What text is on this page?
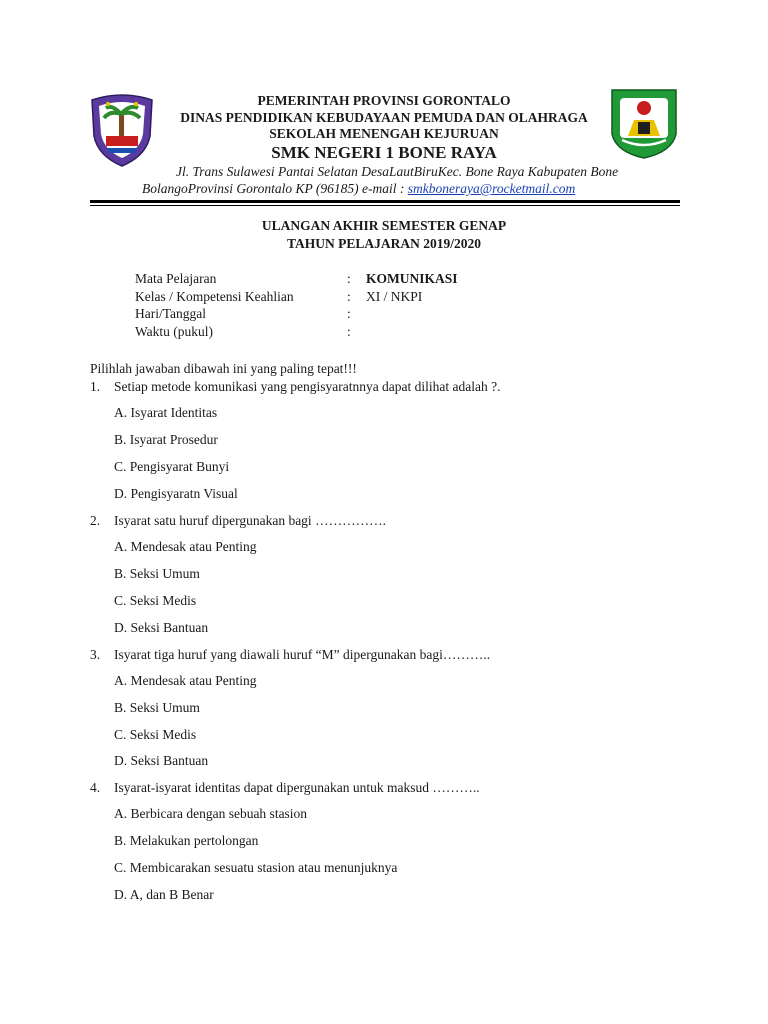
PEMERINTAH PROVINSI GORONTALO
DINAS PENDIDIKAN KEBUDAYAAN PEMUDA DAN OLAHRAGA
SEKOLAH MENENGAH KEJURUAN
SMK NEGERI 1 BONE RAYA
Jl. Trans Sulawesi Pantai Selatan DesaLautBiruKec. Bone Raya Kabupaten Bone
BolangoProvinsi Gorontalo KP (96185) e-mail : smkboneraya@rocketmail.com
ULANGAN AKHIR SEMESTER GENAP
TAHUN PELAJARAN 2019/2020
Mata Pelajaran	: KOMUNIKASI
Kelas / Kompetensi Keahlian	: XI / NKPI
Hari/Tanggal	:
Waktu (pukul)	:
Pilihlah jawaban dibawah ini yang paling tepat!!!
1. Setiap metode komunikasi yang pengisyaratnnya dapat dilihat adalah ?.
A. Isyarat Identitas
B. Isyarat Prosedur
C. Pengisyarat Bunyi
D. Pengisyaratn Visual
2. Isyarat satu huruf dipergunakan bagi …………….
A. Mendesak atau Penting
B. Seksi Umum
C. Seksi Medis
D. Seksi Bantuan
3. Isyarat tiga huruf yang diawali huruf “M” dipergunakan bagi………..
A. Mendesak atau Penting
B. Seksi Umum
C. Seksi Medis
D. Seksi Bantuan
4. Isyarat-isyarat identitas dapat dipergunakan untuk maksud ………..
A. Berbicara dengan sebuah stasion
B. Melakukan pertolongan
C. Membicarakan sesuatu stasion atau menunjuknya
D. A, dan B Benar
